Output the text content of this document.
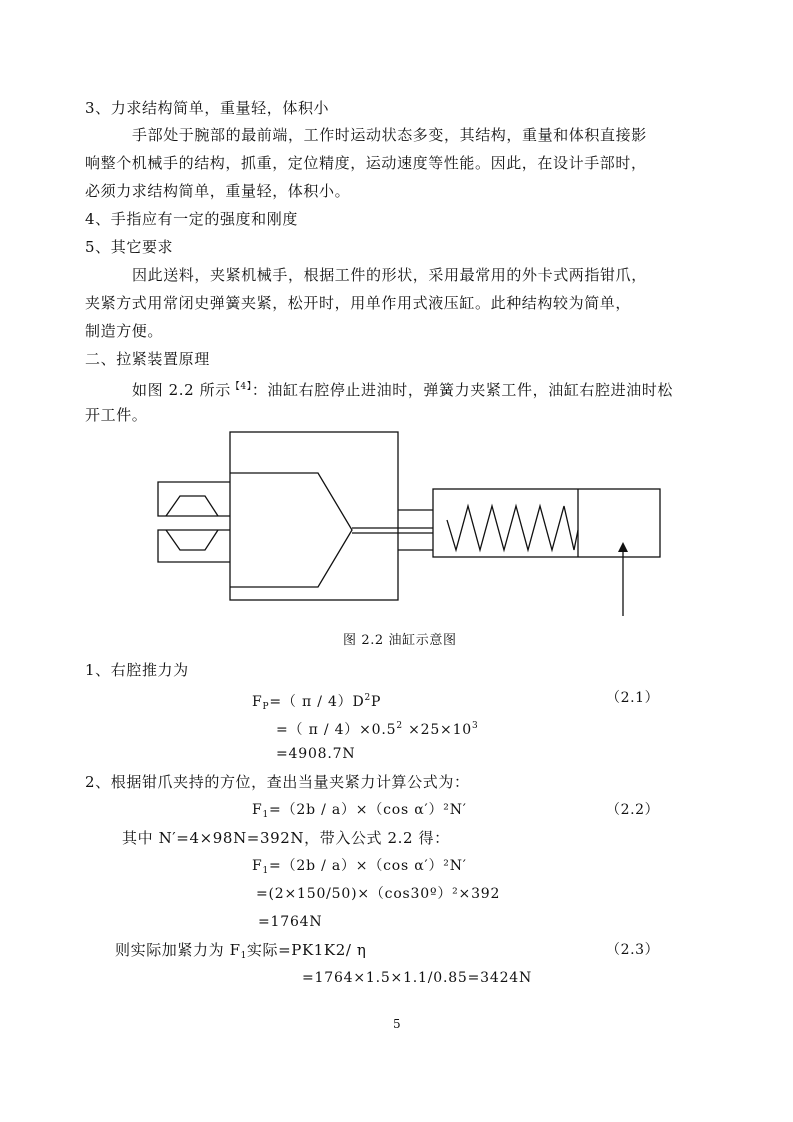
3、力求结构简单，重量轻，体积小
手部处于腕部的最前端，工作时运动状态多变，其结构，重量和体积直接影
响整个机械手的结构，抓重，定位精度，运动速度等性能。因此，在设计手部时，
必须力求结构简单，重量轻，体积小。
4、手指应有一定的强度和刚度
5、其它要求
因此送料，夹紧机械手，根据工件的形状，采用最常用的外卡式两指钳爪，
夹紧方式用常闭史弹簧夹紧，松开时，用单作用式液压缸。此种结构较为简单，
制造方便。
二、拉紧装置原理
如图 2.2 所示$^{【4】}$：油缸右腔停止进油时，弹簧力夹紧工件，油缸右腔进油时松
开工件。
图 2.2 油缸示意图
1、右腔推力为
$F_P=$（ π / $4)D^2P$	（2.1）
=（ $\pi / 4)\times 0.5^2 \times 25\times 10^3$
=4908.7N
2、根据钳爪夹持的方位，查出当量夹紧力计算公式为：
$F_1=(2b / a)\times(\cos$ α′）²N′	（2.2）
其中 N′=4×98N=392N，带入公式 2.2 得：
$F_1=(2b / a)\times(\cos$ α′）²N′
=(2×150/50)×（cos30º）²×392
=1764N
则实际加紧力为 $F_1$实际=PK1K2/ η	（2.3）
=1764×1.5×1.1/0.85=3424N
5
